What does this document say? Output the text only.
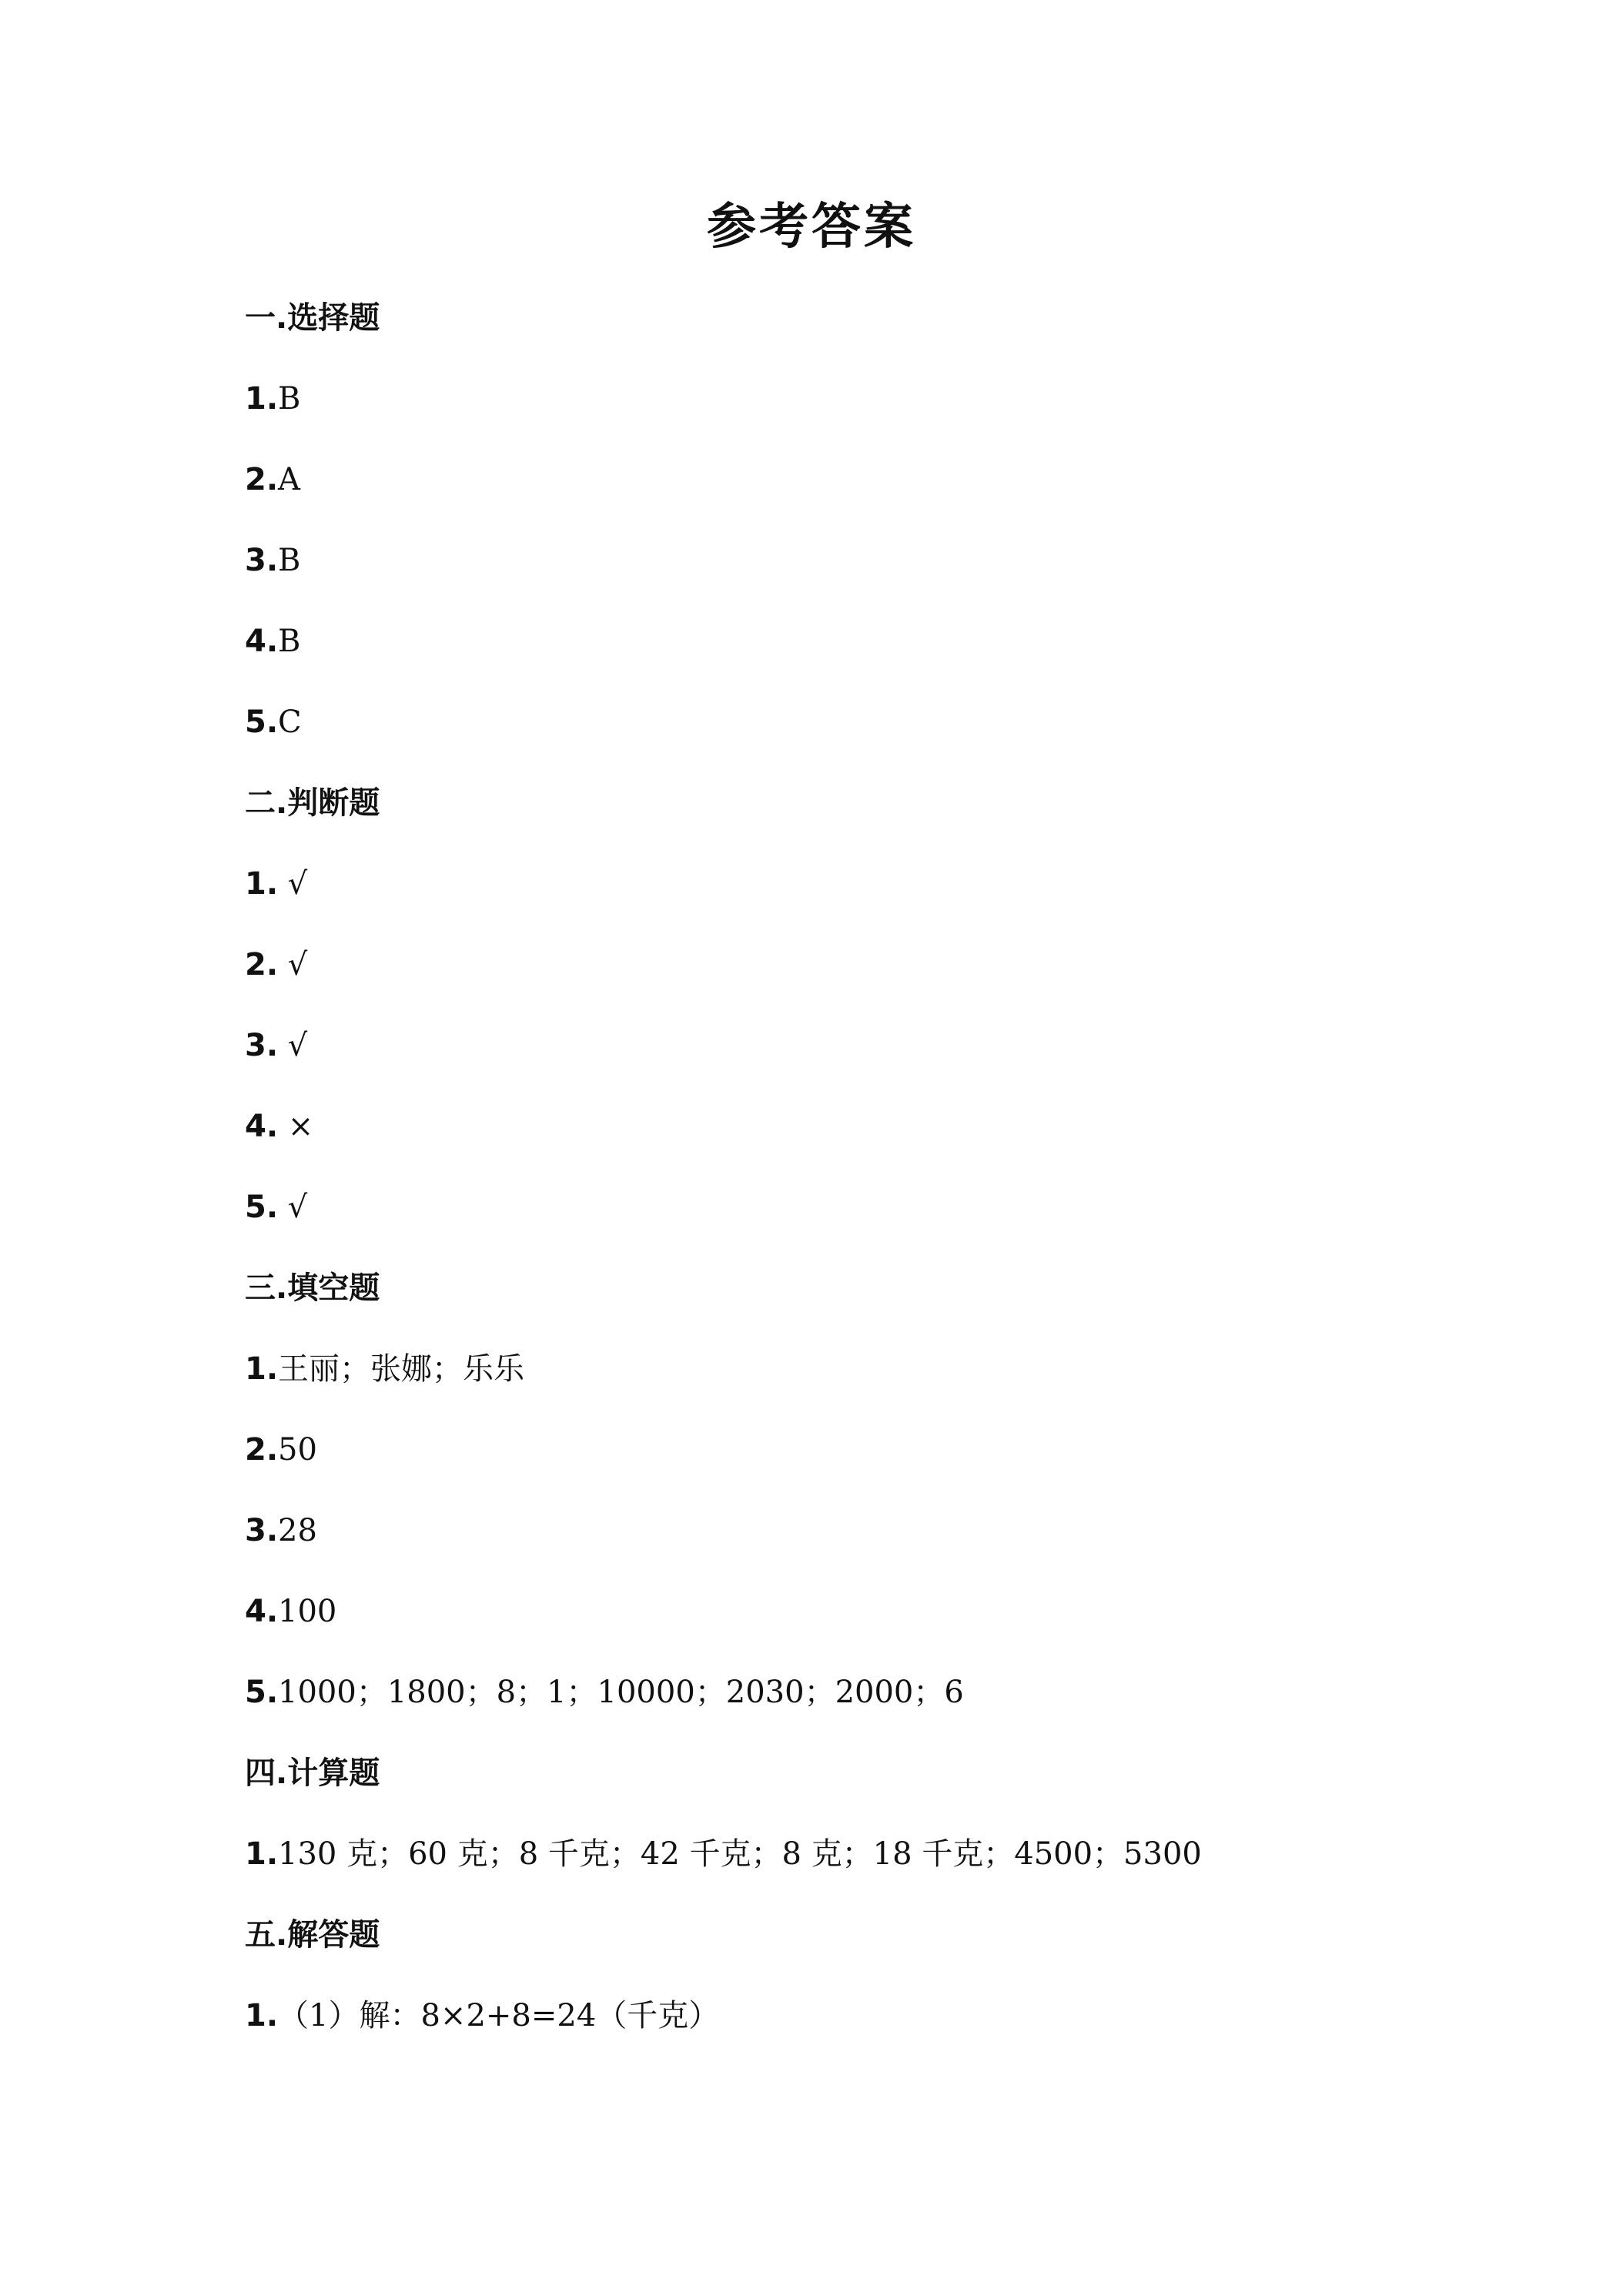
参考答案
一.选择题
1.B
2.A
3.B
4.B
5.C
二.判断题
1. √
2. √
3. √
4. ×
5. √
三.填空题
1.王丽；张娜；乐乐
2.50
3.28
4.100
5.1000；1800；8；1；10000；2030；2000；6
四.计算题
1.130 克；60 克；8 千克；42 千克；8 克；18 千克；4500；5300
五.解答题
1.（1）解：8×2+8=24（千克）
